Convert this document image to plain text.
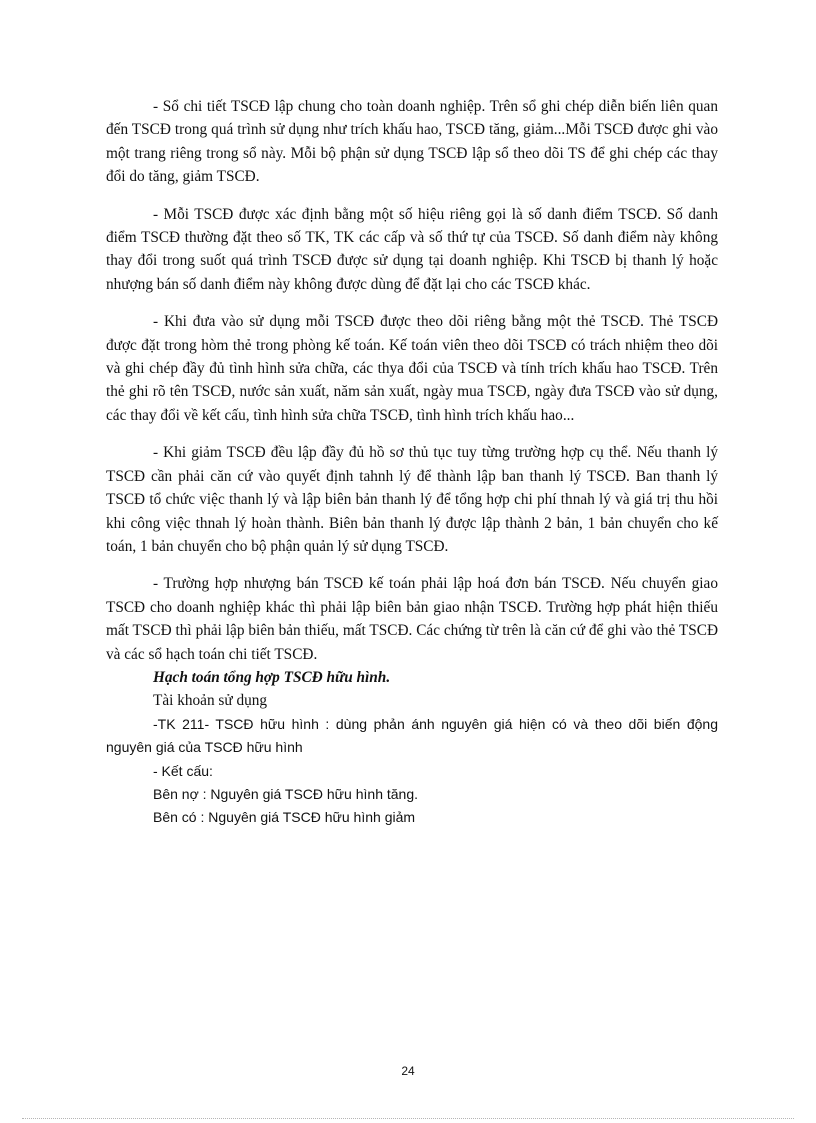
- Sổ chi tiết TSCĐ lập chung cho toàn doanh nghiệp. Trên sổ ghi chép diễn biến liên quan đến TSCĐ trong quá trình sử dụng như trích khấu hao, TSCĐ tăng, giảm...Mỗi TSCĐ được ghi vào một trang riêng trong sổ này. Mỗi bộ phận sử dụng TSCĐ lập sổ theo dõi TS để ghi chép các thay đổi do tăng, giảm TSCĐ.

- Mỗi TSCĐ được xác định bằng một số hiệu riêng gọi là số danh điểm TSCĐ. Số danh điểm TSCĐ thường đặt theo số TK, TK các cấp và số thứ tự của TSCĐ. Số danh điểm này không thay đổi trong suốt quá trình TSCĐ được sử dụng tại doanh nghiệp. Khi TSCĐ bị thanh lý hoặc nhượng bán số danh điểm này không được dùng để đặt lại cho các TSCĐ khác.

- Khi đưa vào sử dụng mỗi TSCĐ được theo dõi riêng bằng một thẻ TSCĐ. Thẻ TSCĐ được đặt trong hòm thẻ trong phòng kế toán. Kế toán viên theo dõi TSCĐ có trách nhiệm theo dõi và ghi chép đầy đủ tình hình sửa chữa, các thya đổi của TSCĐ và tính trích khấu hao TSCĐ. Trên thẻ ghi rõ tên TSCĐ, nước sản xuất, năm sản xuất, ngày mua TSCĐ, ngày đưa TSCĐ vào sử dụng, các thay đổi về kết cấu, tình hình sửa chữa TSCĐ, tình hình trích khấu hao...

- Khi giảm TSCĐ đều lập đầy đủ hồ sơ thủ tục tuy từng trường hợp cụ thể. Nếu thanh lý TSCĐ cần phải căn cứ vào quyết định tahnh lý để thành lập ban thanh lý TSCĐ. Ban thanh lý TSCĐ tổ chức việc thanh lý và lập biên bản thanh lý để tổng hợp chi phí thnah lý và giá trị thu hồi khi công việc thnah lý hoàn thành. Biên bản thanh lý được lập thành 2 bản, 1 bản chuyển cho kế toán, 1 bản chuyển cho bộ phận quản lý sử dụng TSCĐ.

- Trường hợp nhượng bán TSCĐ kế toán phải lập hoá đơn bán TSCĐ. Nếu chuyển giao TSCĐ cho doanh nghiệp khác thì phải lập biên bản giao nhận TSCĐ. Trường hợp phát hiện thiếu mất TSCĐ thì phải lập biên bản thiếu, mất TSCĐ. Các chứng từ trên là căn cứ để ghi vào thẻ TSCĐ và các sổ hạch toán chi tiết TSCĐ.

Hạch toán tổng hợp TSCĐ hữu hình.

Tài khoản sử dụng

-TK 211- TSCĐ hữu hình : dùng phản ánh nguyên giá hiện có và theo dõi biến động nguyên giá của TSCĐ hữu hình

- Kết cấu:

Bên nợ : Nguyên giá TSCĐ hữu hình tăng.

Bên có : Nguyên giá TSCĐ hữu hình giảm

24
